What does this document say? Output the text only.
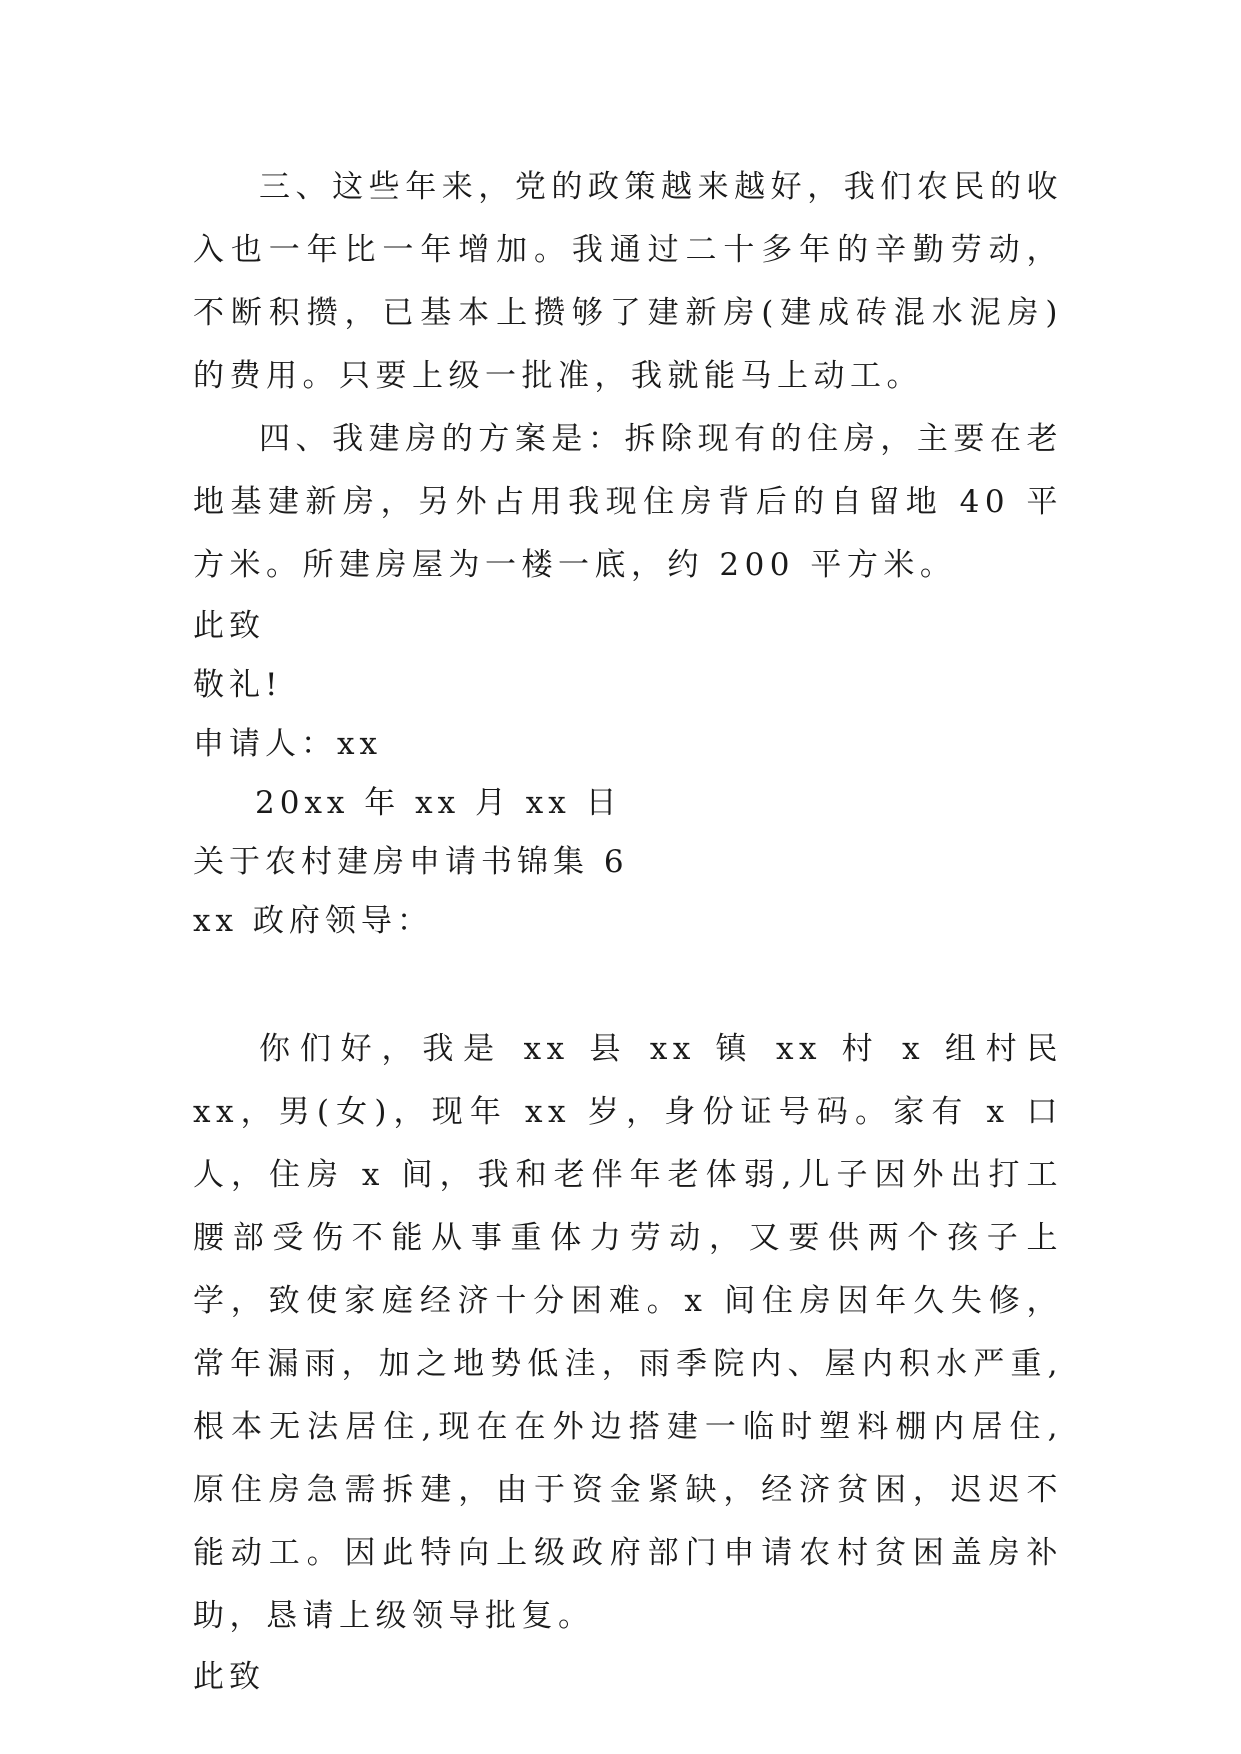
三、这些年来，党的政策越来越好，我们农民的收入也一年比一年增加。我通过二十多年的辛勤劳动，不断积攒，已基本上攒够了建新房(建成砖混水泥房)的费用。只要上级一批准，我就能马上动工。

四、我建房的方案是：拆除现有的住房，主要在老地基建新房，另外占用我现住房背后的自留地 40 平方米。所建房屋为一楼一底，约 200 平方米。

此致

敬礼!

申请人：xx

20xx 年 xx 月 xx 日

关于农村建房申请书锦集 6

xx 政府领导：

你们好，我是 xx 县 xx 镇 xx 村 x 组村民 xx，男(女)，现年 xx 岁，身份证号码。家有 x 口人，住房 x 间，我和老伴年老体弱,儿子因外出打工腰部受伤不能从事重体力劳动，又要供两个孩子上学，致使家庭经济十分困难。x 间住房因年久失修，常年漏雨，加之地势低洼，雨季院内、屋内积水严重,根本无法居住,现在在外边搭建一临时塑料棚内居住,原住房急需拆建，由于资金紧缺，经济贫困，迟迟不能动工。因此特向上级政府部门申请农村贫困盖房补助，恳请上级领导批复。

此致
